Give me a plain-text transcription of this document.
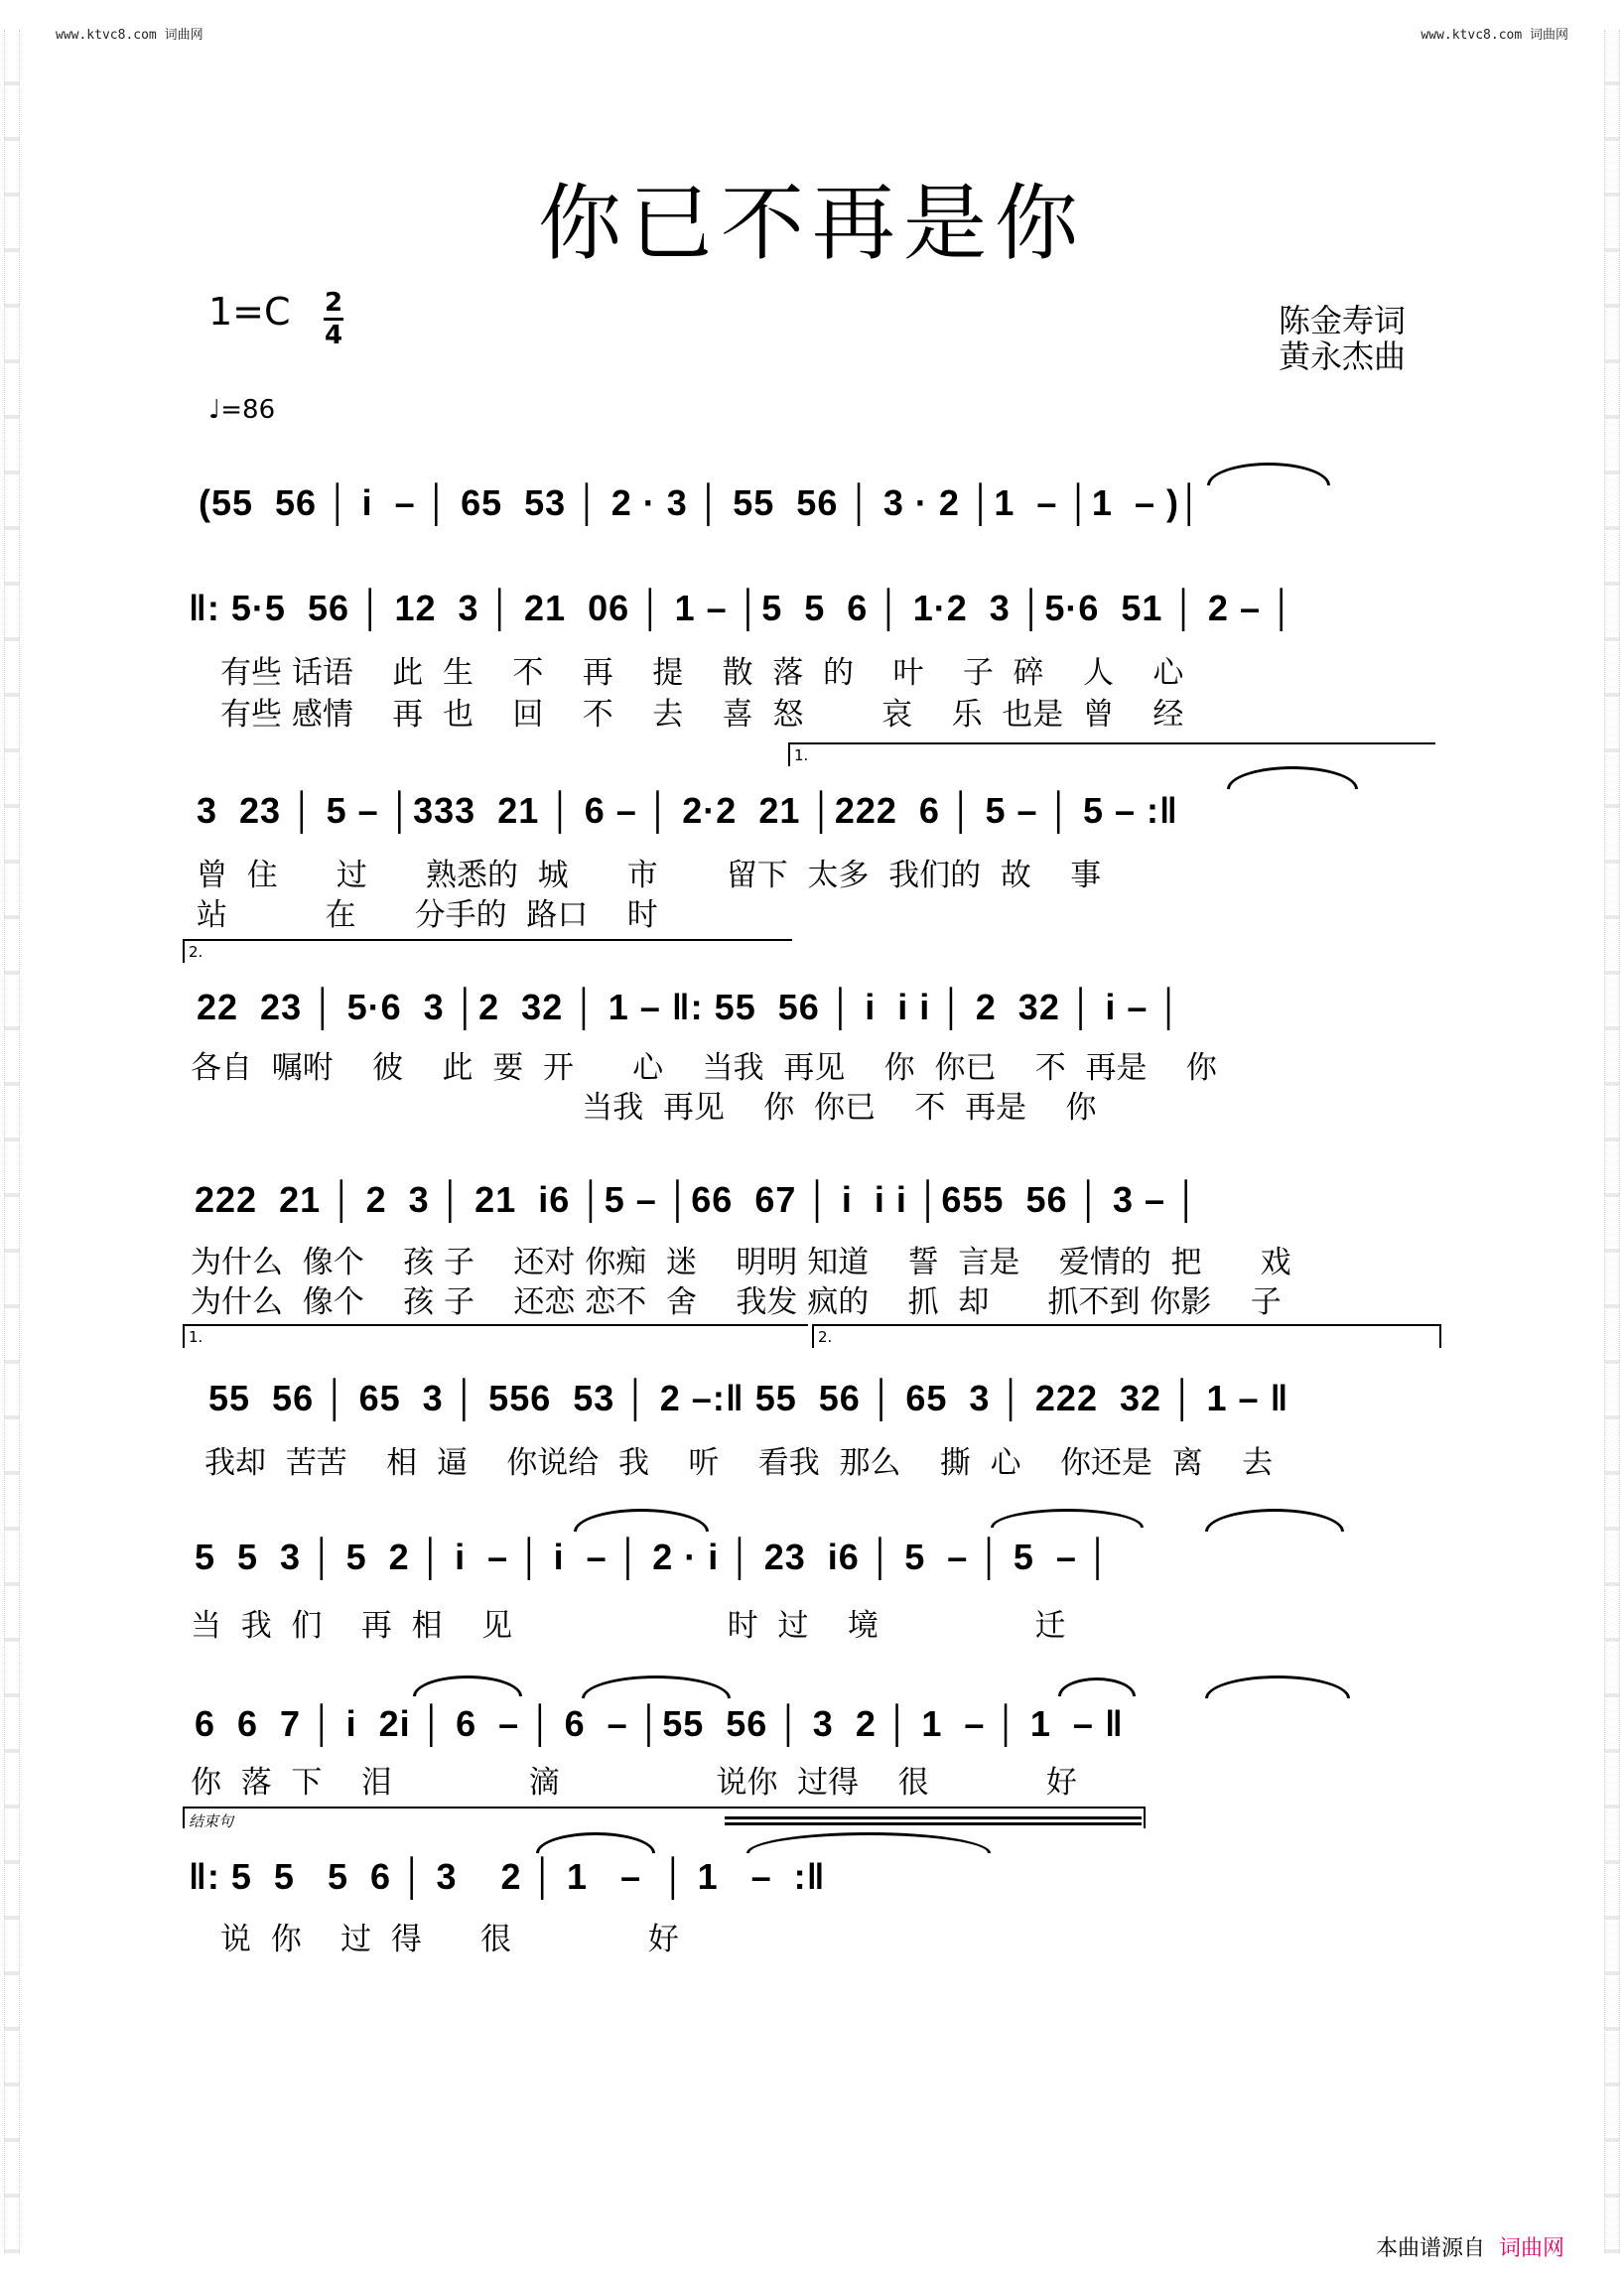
www.ktvc8.com 词曲网	www.ktvc8.com 词曲网
你已不再是你
1=C 2
4
♩=86
陈金寿词
黄永杰曲
(55  56 │ i  – │ 65  53 │ 2 · 3 │ 55  56 │ 3 · 2 │1  – │1  – )│
‖: 5·5  56 │ 12  3 │ 21  06 │ 1 – │5  5  6 │ 1·2  3 │5·6  51 │ 2 – │
有些 话语    此  生    不    再    提    散  落  的    叶    子  碎    人    心
有些 感情    再  也    回    不    去    喜  怒        哀    乐  也是  曾    经
1.
3  23 │ 5 – │333  21 │ 6 – │ 2·2  21 │222  6 │ 5 – │ 5 – :‖
曾  住      过      熟悉的  城      市       留下  太多  我们的  故    事
站          在      分手的  路口    时
2.
22  23 │ 5·6  3 │2  32 │ 1 – ‖: 55  56 │ i  i i │ 2  32 │ i – │
各自  嘱咐    彼    此  要  开      心    当我  再见    你  你已    不  再是    你
当我  再见    你  你已    不  再是    你
222  21 │ 2  3 │ 21  i6 │5 – │66  67 │ i  i i │655  56 │ 3 – │
为什么  像个    孩 子    还对 你痴  迷    明明 知道    誓  言是    爱情的  把      戏
为什么  像个    孩 子    还恋 恋不  舍    我发 疯的    抓  却      抓不到 你影    子
1.	2.
55  56 │ 65  3 │ 556  53 │ 2 –:‖ 55  56 │ 65  3 │ 222  32 │ 1 – ‖
我却  苦苦    相  逼    你说给  我    听    看我  那么    撕  心    你还是  离    去
5  5  3 │ 5  2 │ i  – │ i  – │ 2 · i │ 23  i6 │ 5  – │ 5  – │
当  我  们    再  相    见                      时  过    境                迁
6  6  7 │ i  2i │ 6  – │ 6  – │55  56 │ 3  2 │ 1  – │ 1  – ‖
你  落  下    泪              滴                说你  过得    很            好
结束句
‖: 5  5   5  6 │ 3    2 │ 1   –  │ 1   –  :‖
说  你    过  得      很              好
本曲谱源自 词曲网
